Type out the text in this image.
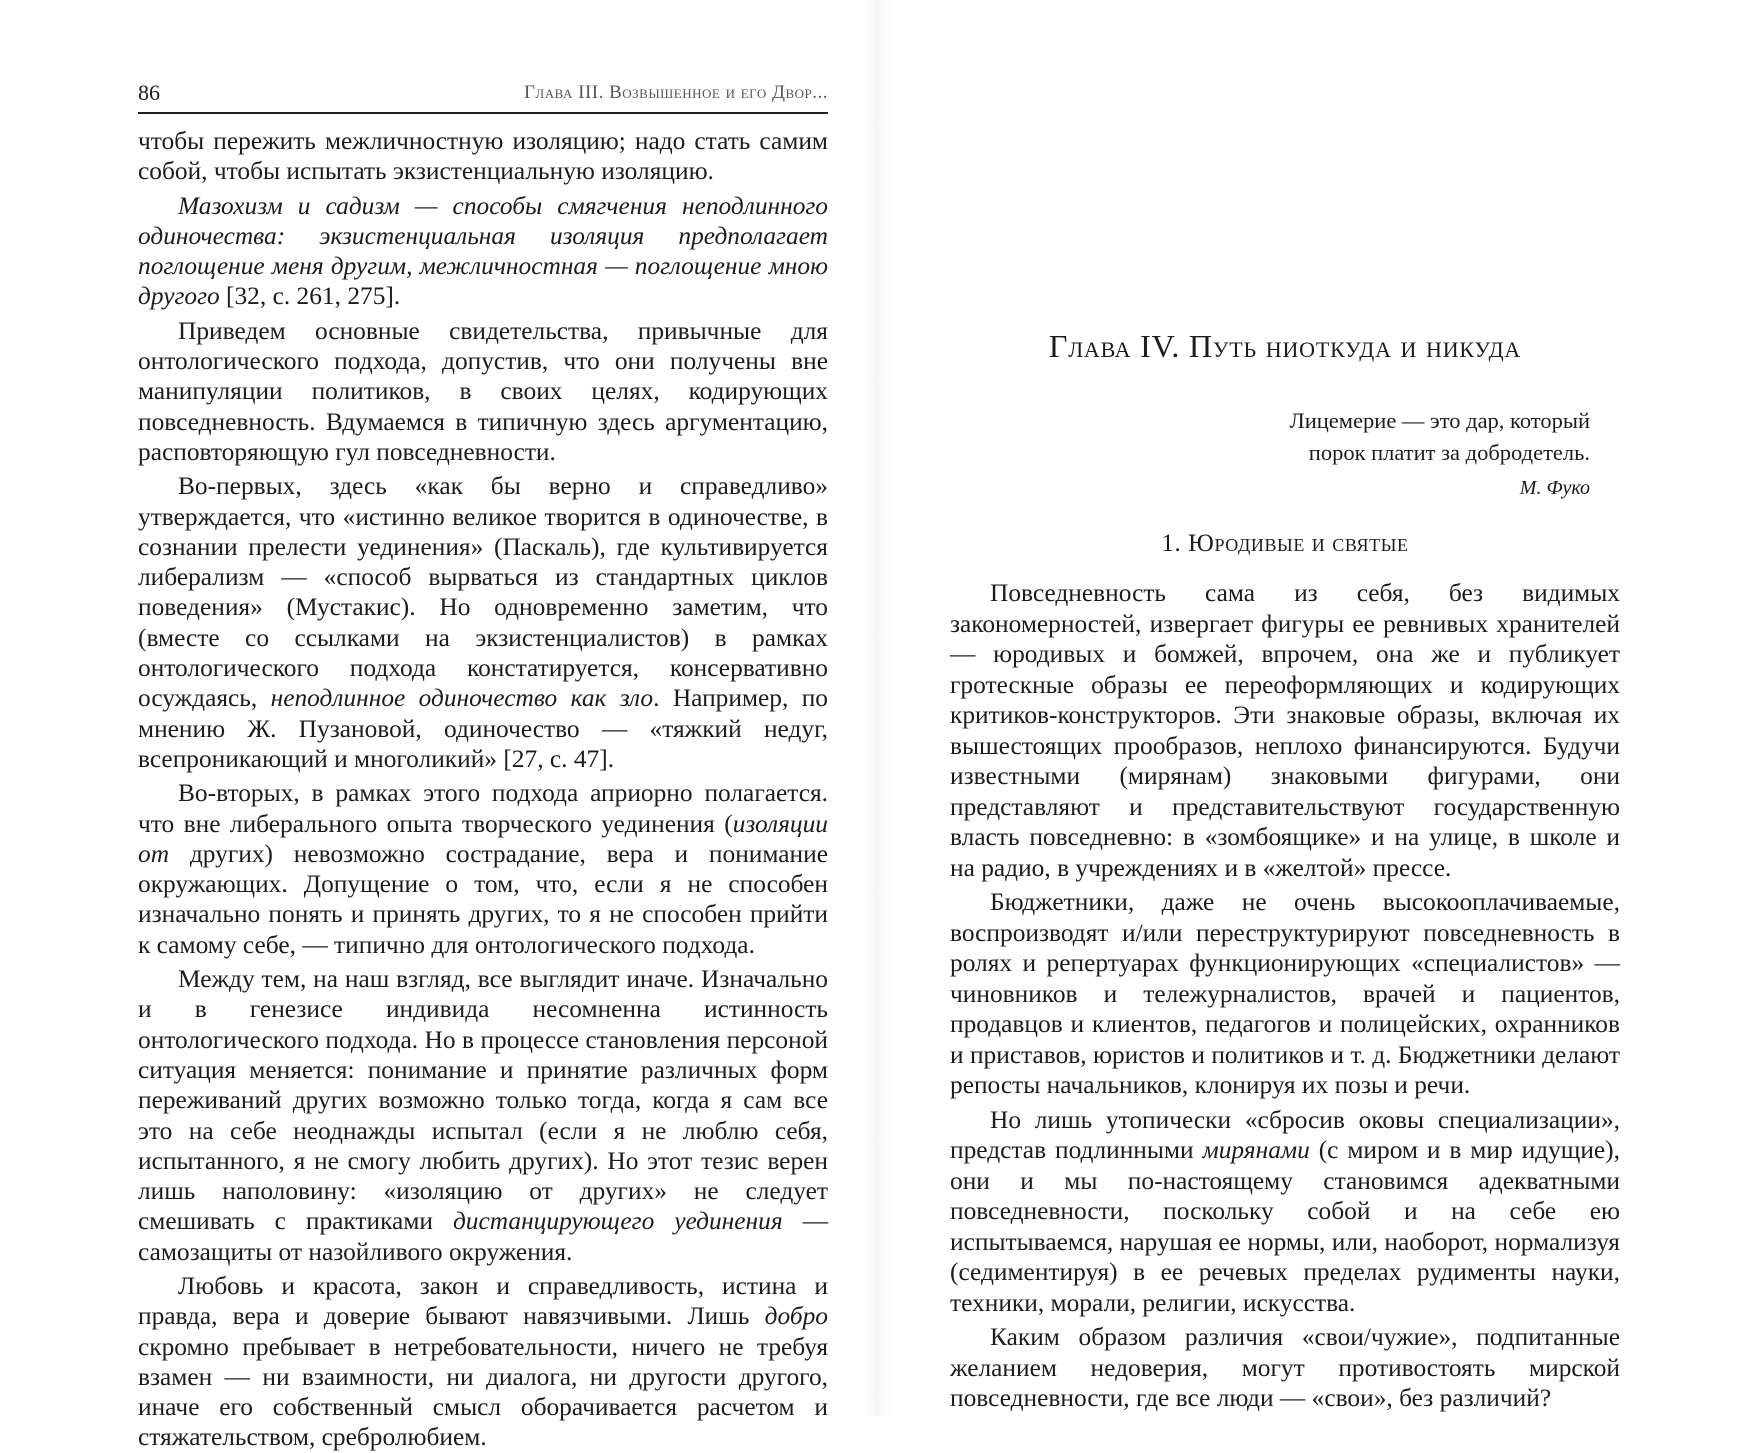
86	Глава III. Возвышенное и его Двор...

чтобы пережить межличностную изоляцию; надо стать самим собой, чтобы испытать экзистенциальную изоляцию.

Мазохизм и садизм — способы смягчения неподлинного одиночества: экзистенциальная изоляция предполагает поглощение меня другим, межличностная — поглощение мною другого [32, с. 261, 275].

Приведем основные свидетельства, привычные для онтологического подхода, допустив, что они получены вне манипуляции политиков, в своих целях, кодирующих повседневность. Вдумаемся в типичную здесь аргументацию, расповторяющую гул повседневности.

Во-первых, здесь «как бы верно и справедливо» утверждается, что «истинно великое творится в одиночестве, в сознании прелести уединения» (Паскаль), где культивируется либерализм — «способ вырваться из стандартных циклов поведения» (Мустакис). Но одновременно заметим, что (вместе со ссылками на экзистенциалистов) в рамках онтологического подхода констатируется, консервативно осуждаясь, неподлинное одиночество как зло. Например, по мнению Ж. Пузановой, одиночество — «тяжкий недуг, всепроникающий и многоликий» [27, с. 47].

Во-вторых, в рамках этого подхода априорно полагается. что вне либерального опыта творческого уединения (изоляции от других) невозможно сострадание, вера и понимание окружающих. Допущение о том, что, если я не способен изначально понять и принять других, то я не способен прийти к самому себе, — типично для онтологического подхода.

Между тем, на наш взгляд, все выглядит иначе. Изначально и в генезисе индивида несомненна истинность онтологического подхода. Но в процессе становления персоной ситуация меняется: понимание и принятие различных форм переживаний других возможно только тогда, когда я сам все это на себе неоднажды испытал (если я не люблю себя, испытанного, я не смогу любить других). Но этот тезис верен лишь наполовину: «изоляцию от других» не следует смешивать с практиками дистанцирующего уединения — самозащиты от назойливого окружения.

Любовь и красота, закон и справедливость, истина и правда, вера и доверие бывают навязчивыми. Лишь добро скромно пребывает в нетребовательности, ничего не требуя взамен — ни взаимности, ни диалога, ни другости другого, иначе его собственный смысл оборачивается расчетом и стяжательством, сребролюбием.

Глава IV. Путь ниоткуда и никуда
Лицемерие — это дар, который
порок платит за добродетель.
М. Фуко
1. Юродивые и святые

Повседневность сама из себя, без видимых закономерностей, извергает фигуры ее ревнивых хранителей — юродивых и бомжей, впрочем, она же и публикует гротескные образы ее переоформляющих и кодирующих критиков-конструкторов. Эти знаковые образы, включая их вышестоящих прообразов, неплохо финансируются. Будучи известными (мирянам) знаковыми фигурами, они представляют и представительствуют государственную власть повседневно: в «зомбоящике» и на улице, в школе и на радио, в учреждениях и в «желтой» прессе.

Бюджетники, даже не очень высокооплачиваемые, воспроизводят и/или переструктурируют повседневность в ролях и репертуарах функционирующих «специалистов» — чиновников и тележурналистов, врачей и пациентов, продавцов и клиентов, педагогов и полицейских, охранников и приставов, юристов и политиков и т. д. Бюджетники делают репосты начальников, клонируя их позы и речи.

Но лишь утопически «сбросив оковы специализации», представ подлинными мирянами (с миром и в мир идущие), они и мы по-настоящему становимся адекватными повседневности, поскольку собой и на себе ею испытываемся, нарушая ее нормы, или, наоборот, нормализуя (седиментируя) в ее речевых пределах рудименты науки, техники, морали, религии, искусства.

Каким образом различия «свои/чужие», подпитанные желанием недоверия, могут противостоять мирской повседневности, где все люди — «свои», без различий?
